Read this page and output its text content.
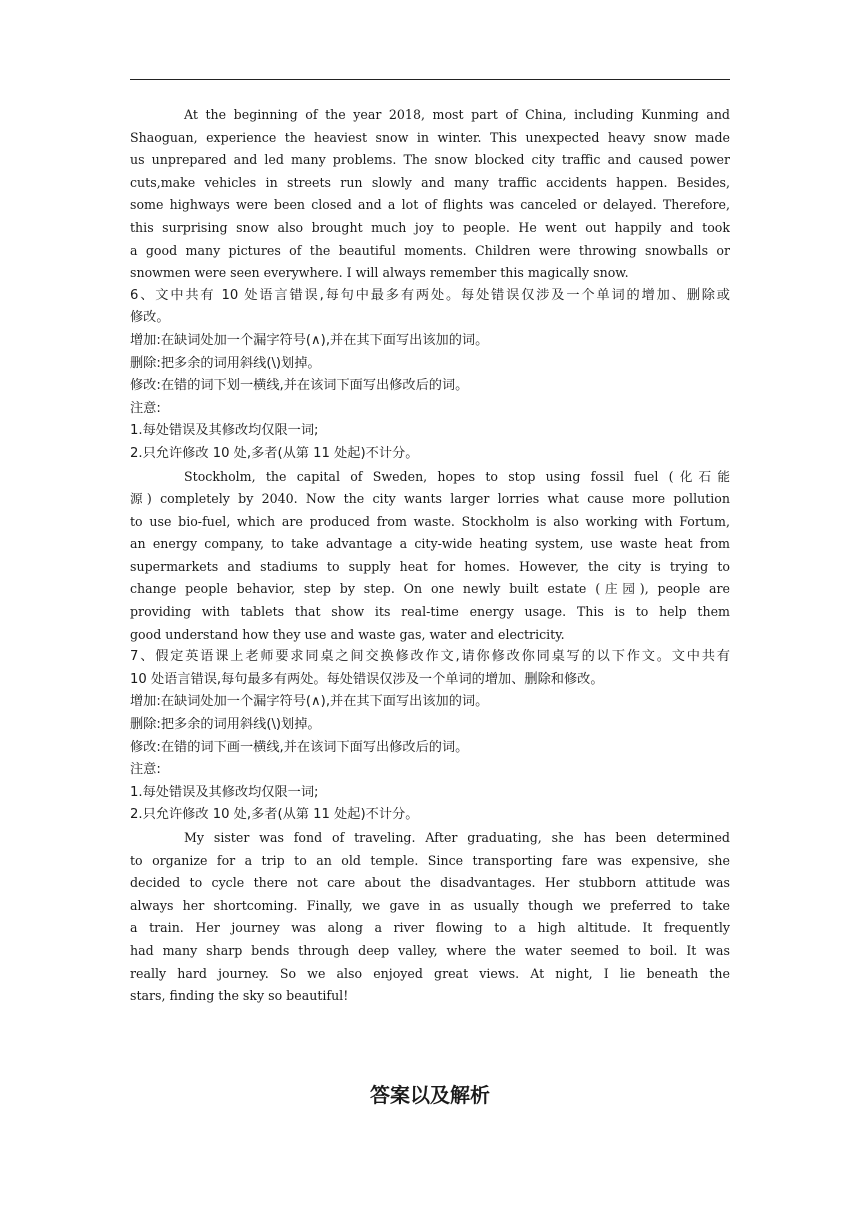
At the beginning of the year 2018, most part of China, including Kunming and
Shaoguan, experience the heaviest snow in winter. This unexpected heavy snow made
us unprepared and led many problems. The snow blocked city traffic and caused power
cuts,make vehicles in streets run slowly and many traffic accidents happen. Besides,
some highways were been closed and a lot of flights was canceled or delayed. Therefore,
this surprising snow also brought much joy to people. He went out happily and took
a good many pictures of the beautiful moments. Children were throwing snowballs or
snowmen were seen everywhere. I will always remember this magically snow.
6、文中共有 10 处语言错误,每句中最多有两处。每处错误仅涉及一个单词的增加、删除或
修改。
增加:在缺词处加一个漏字符号(∧),并在其下面写出该加的词。
删除:把多余的词用斜线(\)划掉。
修改:在错的词下划一横线,并在该词下面写出修改后的词。
注意:
1.每处错误及其修改均仅限一词;
2.只允许修改 10 处,多者(从第 11 处起)不计分。
Stockholm, the capital of Sweden, hopes to stop using fossil fuel (化石能
源) completely by 2040. Now the city wants larger lorries what cause more pollution
to use bio-fuel, which are produced from waste. Stockholm is also working with Fortum,
an energy company, to take advantage a city-wide heating system, use waste heat from
supermarkets and stadiums to supply heat for homes. However, the city is trying to
change people behavior, step by step. On one newly built estate (庄园), people are
providing with tablets that show its real-time energy usage. This is to help them
good understand how they use and waste gas, water and electricity.
7、假定英语课上老师要求同桌之间交换修改作文,请你修改你同桌写的以下作文。文中共有
10 处语言错误,每句最多有两处。每处错误仅涉及一个单词的增加、删除和修改。
增加:在缺词处加一个漏字符号(∧),并在其下面写出该加的词。
删除:把多余的词用斜线(\)划掉。
修改:在错的词下画一横线,并在该词下面写出修改后的词。
注意:
1.每处错误及其修改均仅限一词;
2.只允许修改 10 处,多者(从第 11 处起)不计分。
My sister was fond of traveling. After graduating, she has been determined
to organize for a trip to an old temple. Since transporting fare was expensive, she
decided to cycle there not care about the disadvantages. Her stubborn attitude was
always her shortcoming. Finally, we gave in as usually though we preferred to take
a train. Her journey was along a river flowing to a high altitude. It frequently
had many sharp bends through deep valley, where the water seemed to boil. It was
really hard journey. So we also enjoyed great views. At night, I lie beneath the
stars, finding the sky so beautiful!
答案以及解析
